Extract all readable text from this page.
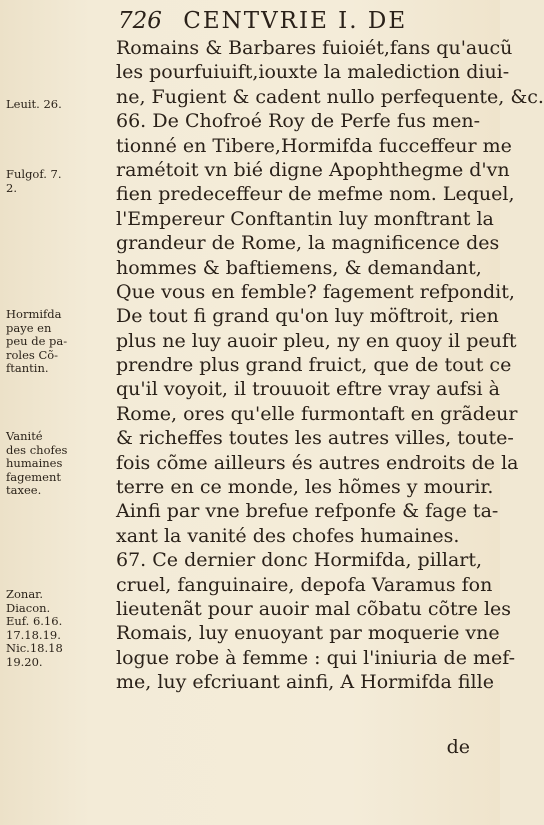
726 CENTVRIE I. DE
Romains & Barbares fuioiét,fans qu'aucũ
les pourfuiuift,iouxte la malediction diui-
ne, Fugient & cadent nullo perfequente, &c.
66. De Chofroé Roy de Perfe fus men-
tionné en Tibere,Hormifda fucceffeur me
ramétoit vn bié digne Apophthegme d'vn
fien predeceffeur de mefme nom. Lequel,
l'Empereur Conftantin luy monftrant la
grandeur de Rome, la magnificence des
hommes & baftiemens, & demandant,
Que vous en femble? fagement refpondit,
De tout fi grand qu'on luy möftroit, rien
plus ne luy auoir pleu, ny en quoy il peuft
prendre plus grand fruict, que de tout ce
qu'il voyoit, il trouuoit eftre vray aufsi à
Rome, ores qu'elle furmontaft en grãdeur
& richeffes toutes les autres villes, toute-
fois cõme ailleurs és autres endroits de la
terre en ce monde, les hõmes y mourir.
Ainfi par vne brefue refponfe & fage ta-
xant la vanité des chofes humaines.
67. Ce dernier donc Hormifda, pillart,
cruel, fanguinaire, depofa Varamus fon
lieutenãt pour auoir mal cõbatu cõtre les
Romais, luy enuoyant par moquerie vne
logue robe à femme : qui l'iniuria de mef-
me, luy efcriuant ainfi, A Hormifda fille
de
Leuit. 26.
Fulgof. 7.
2.
Hormifda
paye en
peu de pa-
roles Cõ-
ftantin.
Vanité
des chofes
humaines
fagement
taxee.
Zonar.
Diacon.
Euf. 6.16.
17.18.19.
Nic.18.18
19.20.
